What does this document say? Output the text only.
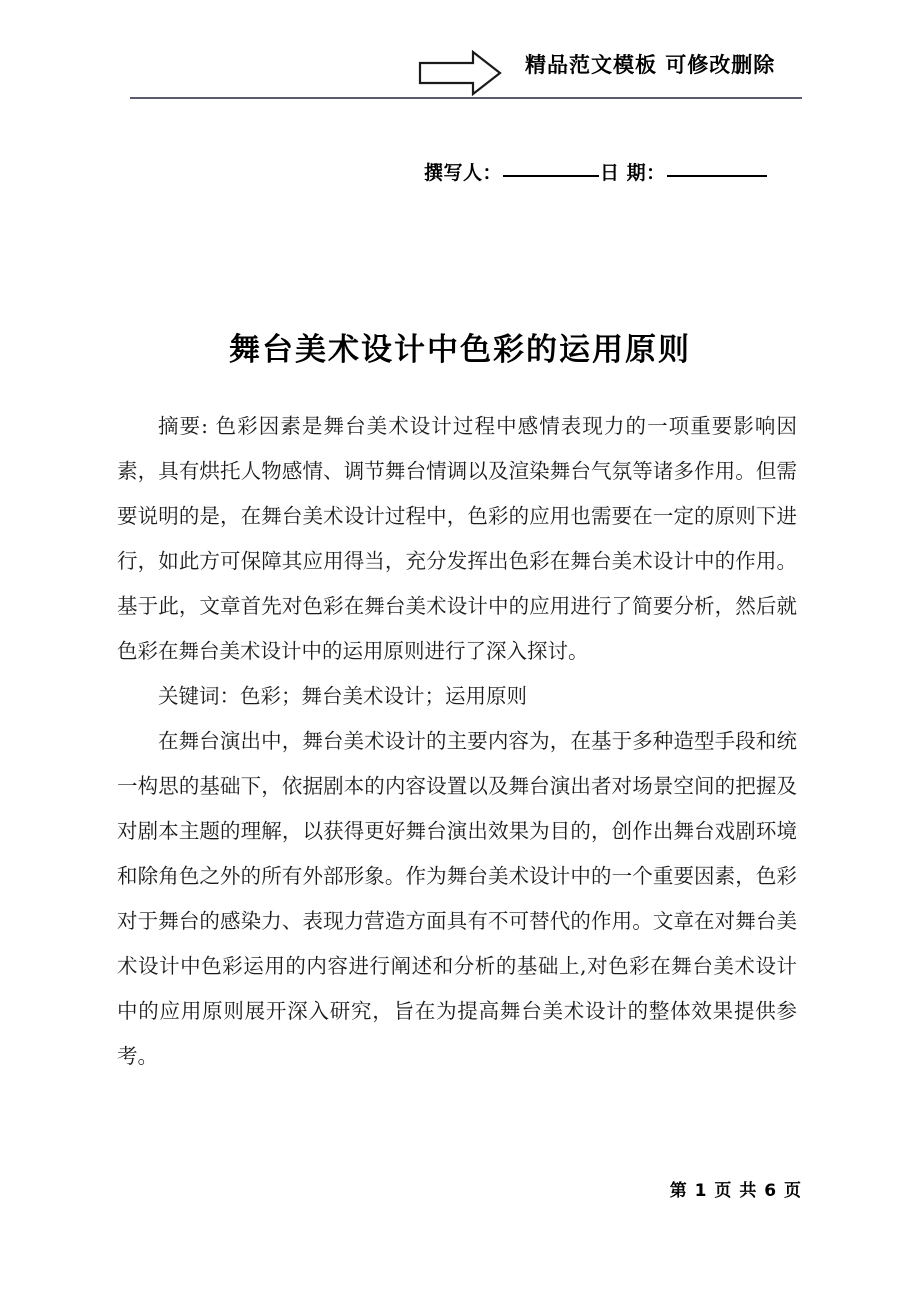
精品范文模板 可修改删除
撰写人：	日 期：
舞台美术设计中色彩的运用原则

摘要: 色彩因素是舞台美术设计过程中感情表现力的一项重要影响因素，具有烘托人物感情、调节舞台情调以及渲染舞台气氛等诸多作用。但需要说明的是，在舞台美术设计过程中，色彩的应用也需要在一定的原则下进行，如此方可保障其应用得当，充分发挥出色彩在舞台美术设计中的作用。基于此，文章首先对色彩在舞台美术设计中的应用进行了简要分析，然后就色彩在舞台美术设计中的运用原则进行了深入探讨。

关键词：色彩；舞台美术设计；运用原则

在舞台演出中，舞台美术设计的主要内容为，在基于多种造型手段和统一构思的基础下，依据剧本的内容设置以及舞台演出者对场景空间的把握及对剧本主题的理解，以获得更好舞台演出效果为目的，创作出舞台戏剧环境和除角色之外的所有外部形象。作为舞台美术设计中的一个重要因素，色彩对于舞台的感染力、表现力营造方面具有不可替代的作用。文章在对舞台美术设计中色彩运用的内容进行阐述和分析的基础上,对色彩在舞台美术设计中的应用原则展开深入研究，旨在为提高舞台美术设计的整体效果提供参考。

第 1 页 共 6 页
